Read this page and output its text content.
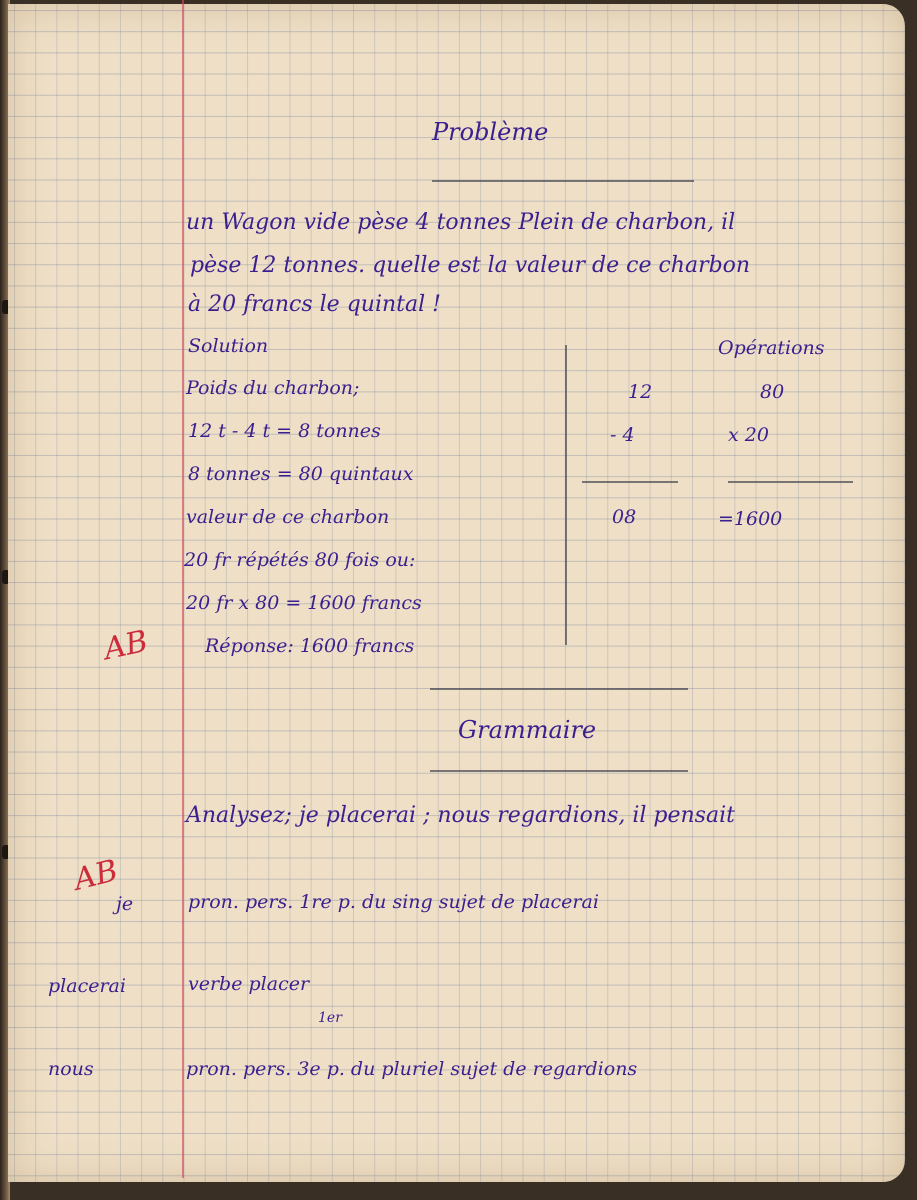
Problème
un Wagon vide pèse 4 tonnes Plein de charbon, il
pèse 12 tonnes. quelle est la valeur de ce charbon
à 20 francs le quintal !
Solution
Poids du charbon;
12 t - 4 t = 8 tonnes
8 tonnes = 80 quintaux
valeur de ce charbon
20 fr répétés 80 fois ou:
20 fr x 80 = 1600 francs
Réponse: 1600 francs
Opérations
12
- 4
08
80
x 20
=1600
AB
Grammaire
Analysez; je placerai ; nous regardions, il pensait
AB
je	pron. pers. 1re p. du sing sujet de placerai
placerai	verbe placer
1er
nous	pron. pers. 3e p. du pluriel sujet de regardions
